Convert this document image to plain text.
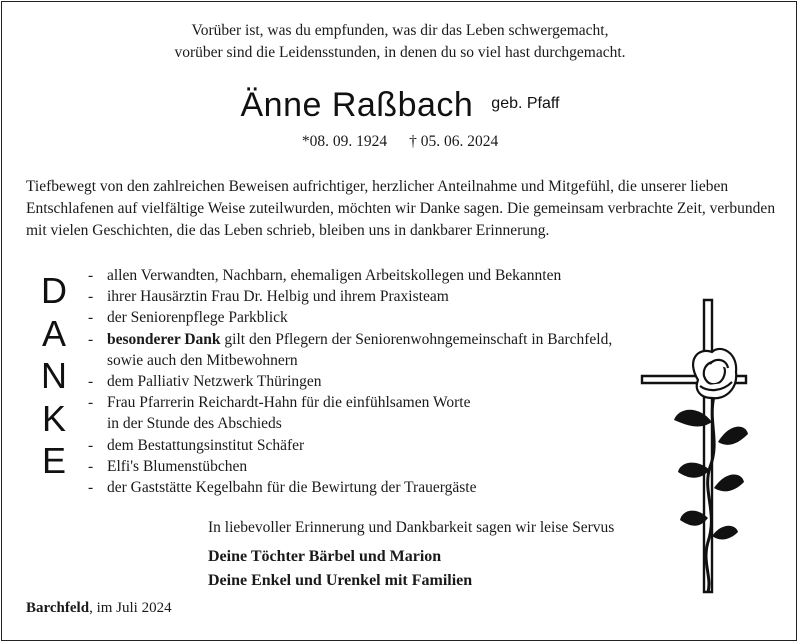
Vorüber ist, was du empfunden, was dir das Leben schwergemacht,
vorüber sind die Leidensstunden, in denen du so viel hast durchgemacht.
Änne Raßbach geb. Pfaff
*08. 09. 1924 † 05. 06. 2024
Tiefbewegt von den zahlreichen Beweisen aufrichtiger, herzlicher Anteilnahme und Mitgefühl, die unserer lieben Entschlafenen auf vielfältige Weise zuteilwurden, möchten wir Danke sagen. Die gemeinsam verbrachte Zeit, verbunden mit vielen Geschichten, die das Leben schrieb, bleiben uns in dankbarer Erinnerung.
D
A
N
K
E
- allen Verwandten, Nachbarn, ehemaligen Arbeitskollegen und Bekannten
- ihrer Hausärztin Frau Dr. Helbig und ihrem Praxisteam
- der Seniorenpflege Parkblick
- besonderer Dank gilt den Pflegern der Seniorenwohngemeinschaft in Barchfeld,
sowie auch den Mitbewohnern
- dem Palliativ Netzwerk Thüringen
- Frau Pfarrerin Reichardt-Hahn für die einfühlsamen Worte
in der Stunde des Abschieds
- dem Bestattungsinstitut Schäfer
- Elfi's Blumenstübchen
- der Gaststätte Kegelbahn für die Bewirtung der Trauergäste
In liebevoller Erinnerung und Dankbarkeit sagen wir leise Servus
Deine Töchter Bärbel und Marion
Deine Enkel und Urenkel mit Familien
Barchfeld, im Juli 2024
